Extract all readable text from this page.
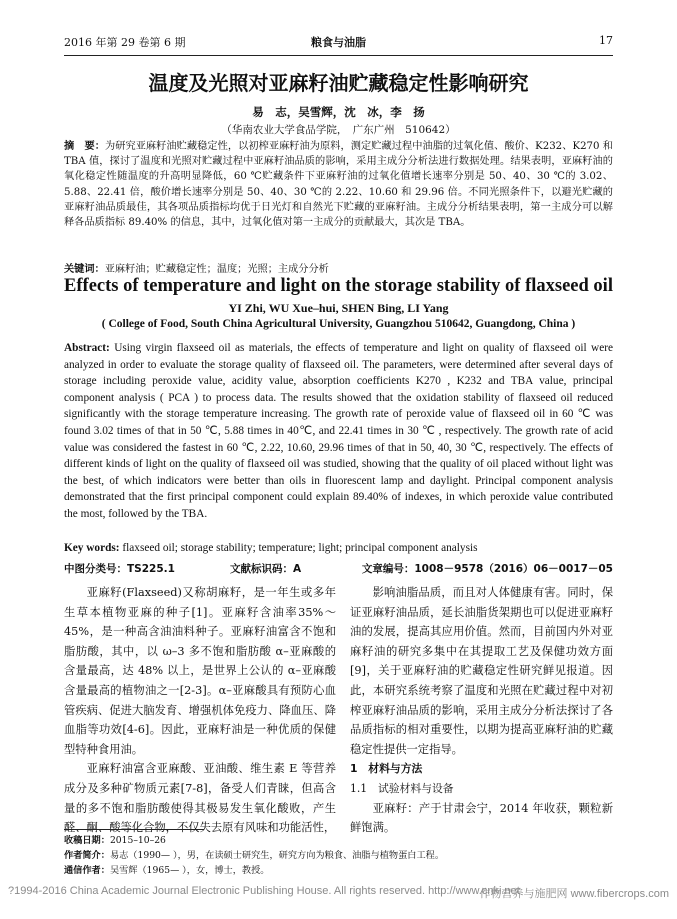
2016 年第 29 卷第 6 期	粮食与油脂	17
温度及光照对亚麻籽油贮藏稳定性影响研究
易　志，吴雪辉，沈　冰，李　扬
（华南农业大学食品学院，　广东广州　510642）
摘　要：为研究亚麻籽油贮藏稳定性，以初榨亚麻籽油为原料，测定贮藏过程中油脂的过氧化值、酸价、K232、K270 和 TBA 值，探讨了温度和光照对贮藏过程中亚麻籽油品质的影响，采用主成分分析法进行数据处理。结果表明，亚麻籽油的氧化稳定性随温度的升高明显降低，60 ℃贮藏条件下亚麻籽油的过氧化值增长速率分别是 50、40、30 ℃的 3.02、5.88、22.41 倍，酸价增长速率分别是 50、40、30 ℃的 2.22、10.60 和 29.96 倍。不同光照条件下，以避光贮藏的亚麻籽油品质最佳，其各项品质指标均优于日光灯和自然光下贮藏的亚麻籽油。主成分分析结果表明，第一主成分可以解释各品质指标 89.40% 的信息，其中，过氧化值对第一主成分的贡献最大，其次是 TBA。
关键词：亚麻籽油；贮藏稳定性；温度；光照；主成分分析
Effects of temperature and light on the storage stability of flaxseed oil
YI Zhi, WU Xue–hui, SHEN Bing, LI Yang
( College of Food, South China Agricultural University, Guangzhou 510642, Guangdong, China )
Abstract: Using virgin flaxseed oil as materials, the effects of temperature and light on quality of flaxseed oil were analyzed in order to evaluate the storage quality of flaxseed oil. The parameters, were determined after several days of storage including peroxide value, acidity value, absorption coefficients K270 , K232 and TBA value, principal component analysis ( PCA ) to process data. The results showed that the oxidation stability of flaxseed oil reduced significantly with the storage temperature increasing. The growth rate of peroxide value of flaxseed oil in 60 ℃ was found 3.02 times of that in 50 ℃, 5.88 times in 40℃, and 22.41 times in 30 ℃ , respectively. The growth rate of acid value was considered the fastest in 60 ℃, 2.22, 10.60, 29.96 times of that in 50, 40, 30 ℃, respectively. The effects of different kinds of light on the quality of flaxseed oil was studied, showing that the quality of oil placed without light was the best, of which indicators were better than oils in fluorescent lamp and daylight. Principal component analysis demonstrated that the first principal component could explain 89.40% of indexes, in which peroxide value contributed the most, followed by the TBA.
Key words: flaxseed oil; storage stability; temperature; light; principal component analysis
中图分类号：TS225.1	文献标识码：A	文章编号：1008－9578（2016）06－0017－05

亚麻籽(Flaxseed)又称胡麻籽，是一年生或多年生草本植物亚麻的种子[1]。亚麻籽含油率35%～45%，是一种高含油油料种子。亚麻籽油富含不饱和脂肪酸，其中，以 ω–3 多不饱和脂肪酸 α–亚麻酸的含量最高，达 48% 以上，是世界上公认的 α–亚麻酸含量最高的植物油之一[2-3]。α–亚麻酸具有预防心血管疾病、促进大脑发育、增强机体免疫力、降血压、降血脂等功效[4-6]。因此，亚麻籽油是一种优质的保健型特种食用油。

亚麻籽油富含亚麻酸、亚油酸、维生素 E 等营养成分及多种矿物质元素[7-8]，备受人们青睐，但高含量的多不饱和脂肪酸使得其极易发生氧化酸败，产生醛、酮、酸等化合物，不仅失去原有风味和功能活性，

影响油脂品质，而且对人体健康有害。同时，保证亚麻籽油品质，延长油脂货架期也可以促进亚麻籽油的发展，提高其应用价值。然而，目前国内外对亚麻籽油的研究多集中在其提取工艺及保健功效方面[9]，关于亚麻籽油的贮藏稳定性研究鲜见报道。因此，本研究系统考察了温度和光照在贮藏过程中对初榨亚麻籽油品质的影响，采用主成分分析法探讨了各品质指标的相对重要性，以期为提高亚麻籽油的贮藏稳定性提供一定指导。

1　材料与方法

1.1　试验材料与设备

亚麻籽：产于甘肃会宁，2014 年收获，颗粒新鲜饱满。

收稿日期：2015–10–26
作者简介：易志（1990— ），男，在读硕士研究生，研究方向为粮食、油脂与植物蛋白工程。
通信作者：吴雪辉（1965— ），女，博士，教授。
?1994-2016 China Academic Journal Electronic Publishing House. All rights reserved. http://www.cnki.net
作物营养与施肥网 www.fibercrops.com
